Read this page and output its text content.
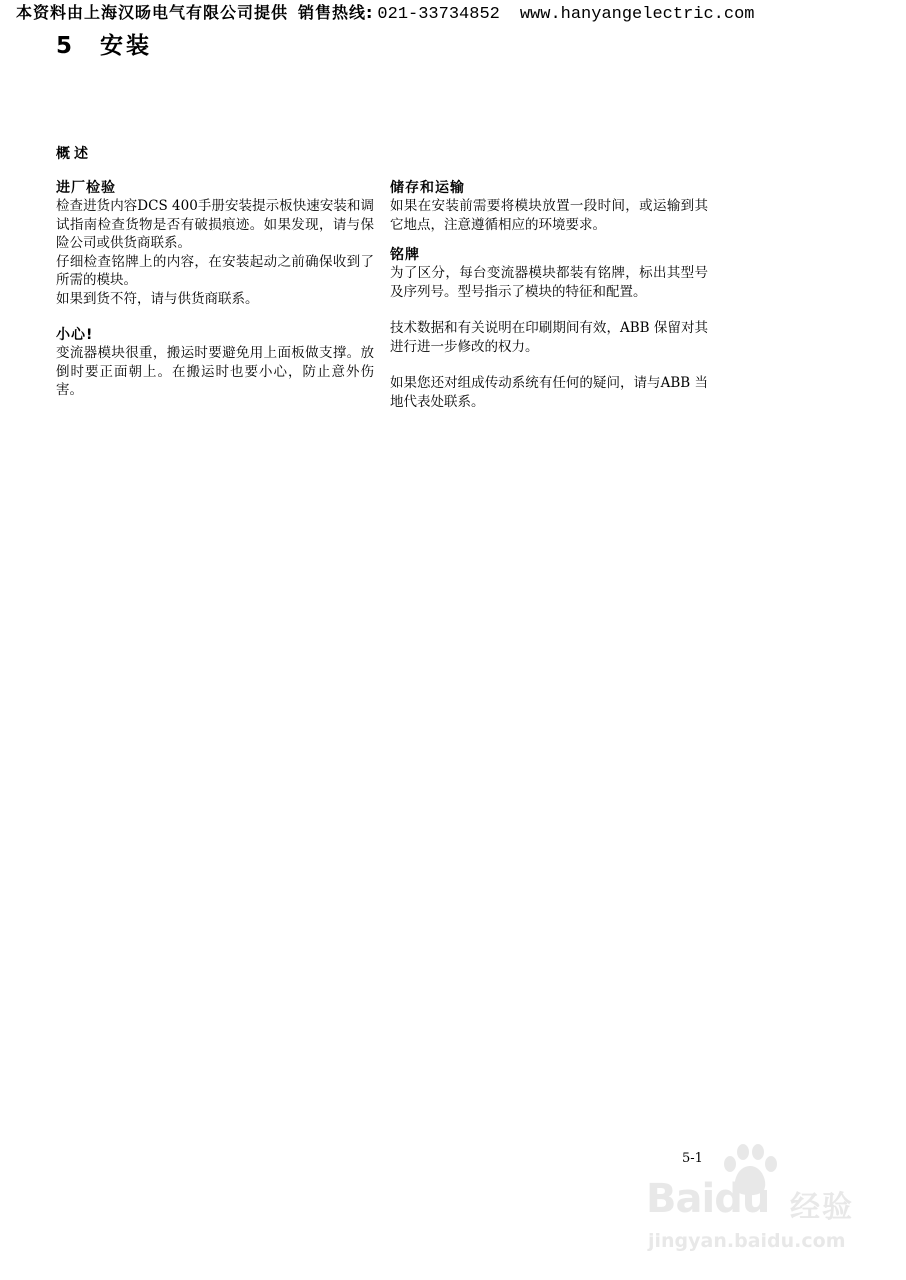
本资料由上海汉旸电气有限公司提供 销售热线: 021-33734852 www.hanyangelectric.com
5 安装
概述
进厂检验

检查进货内容DCS 400手册安装提示板快速安装和调试指南检查货物是否有破损痕迹。如果发现，请与保险公司或供货商联系。

仔细检查铭牌上的内容，在安装起动之前确保收到了所需的模块。

如果到货不符，请与供货商联系。

小心!

变流器模块很重，搬运时要避免用上面板做支撑。放倒时要正面朝上。在搬运时也要小心，防止意外伤害。

储存和运输

如果在安装前需要将模块放置一段时间，或运输到其它地点，注意遵循相应的环境要求。

铭牌

为了区分，每台变流器模块都装有铭牌，标出其型号及序列号。型号指示了模块的特征和配置。

技术数据和有关说明在印刷期间有效，ABB 保留对其进行进一步修改的权力。

如果您还对组成传动系统有任何的疑问，请与ABB 当地代表处联系。

5-1
Baidu 经验
jingyan.baidu.com
